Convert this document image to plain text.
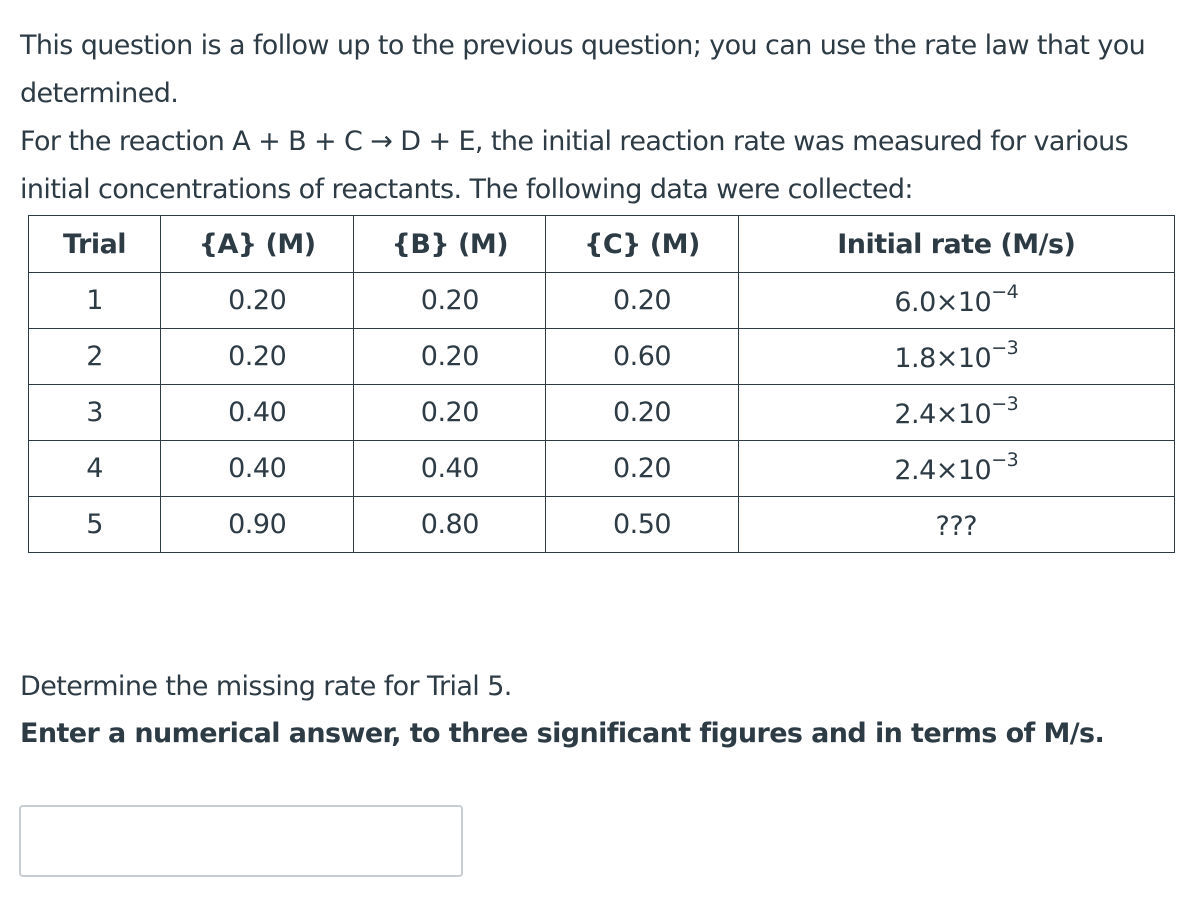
This question is a follow up to the previous question; you can use the rate law that you determined.

For the reaction A + B + C → D + E, the initial reaction rate was measured for various initial concentrations of reactants. The following data were collected:

Trial	{A} (M)	{B} (M)	{C} (M)	Initial rate (M/s)
1	0.20	0.20	0.20	$6.0\times 10^{-4}$
2	0.20	0.20	0.60	$1.8\times 10^{-3}$
3	0.40	0.20	0.20	$2.4\times 10^{-3}$
4	0.40	0.40	0.20	$2.4\times 10^{-3}$
5	0.90	0.80	0.50	???

Determine the missing rate for Trial 5.

Enter a numerical answer, to three significant figures and in terms of M/s.
